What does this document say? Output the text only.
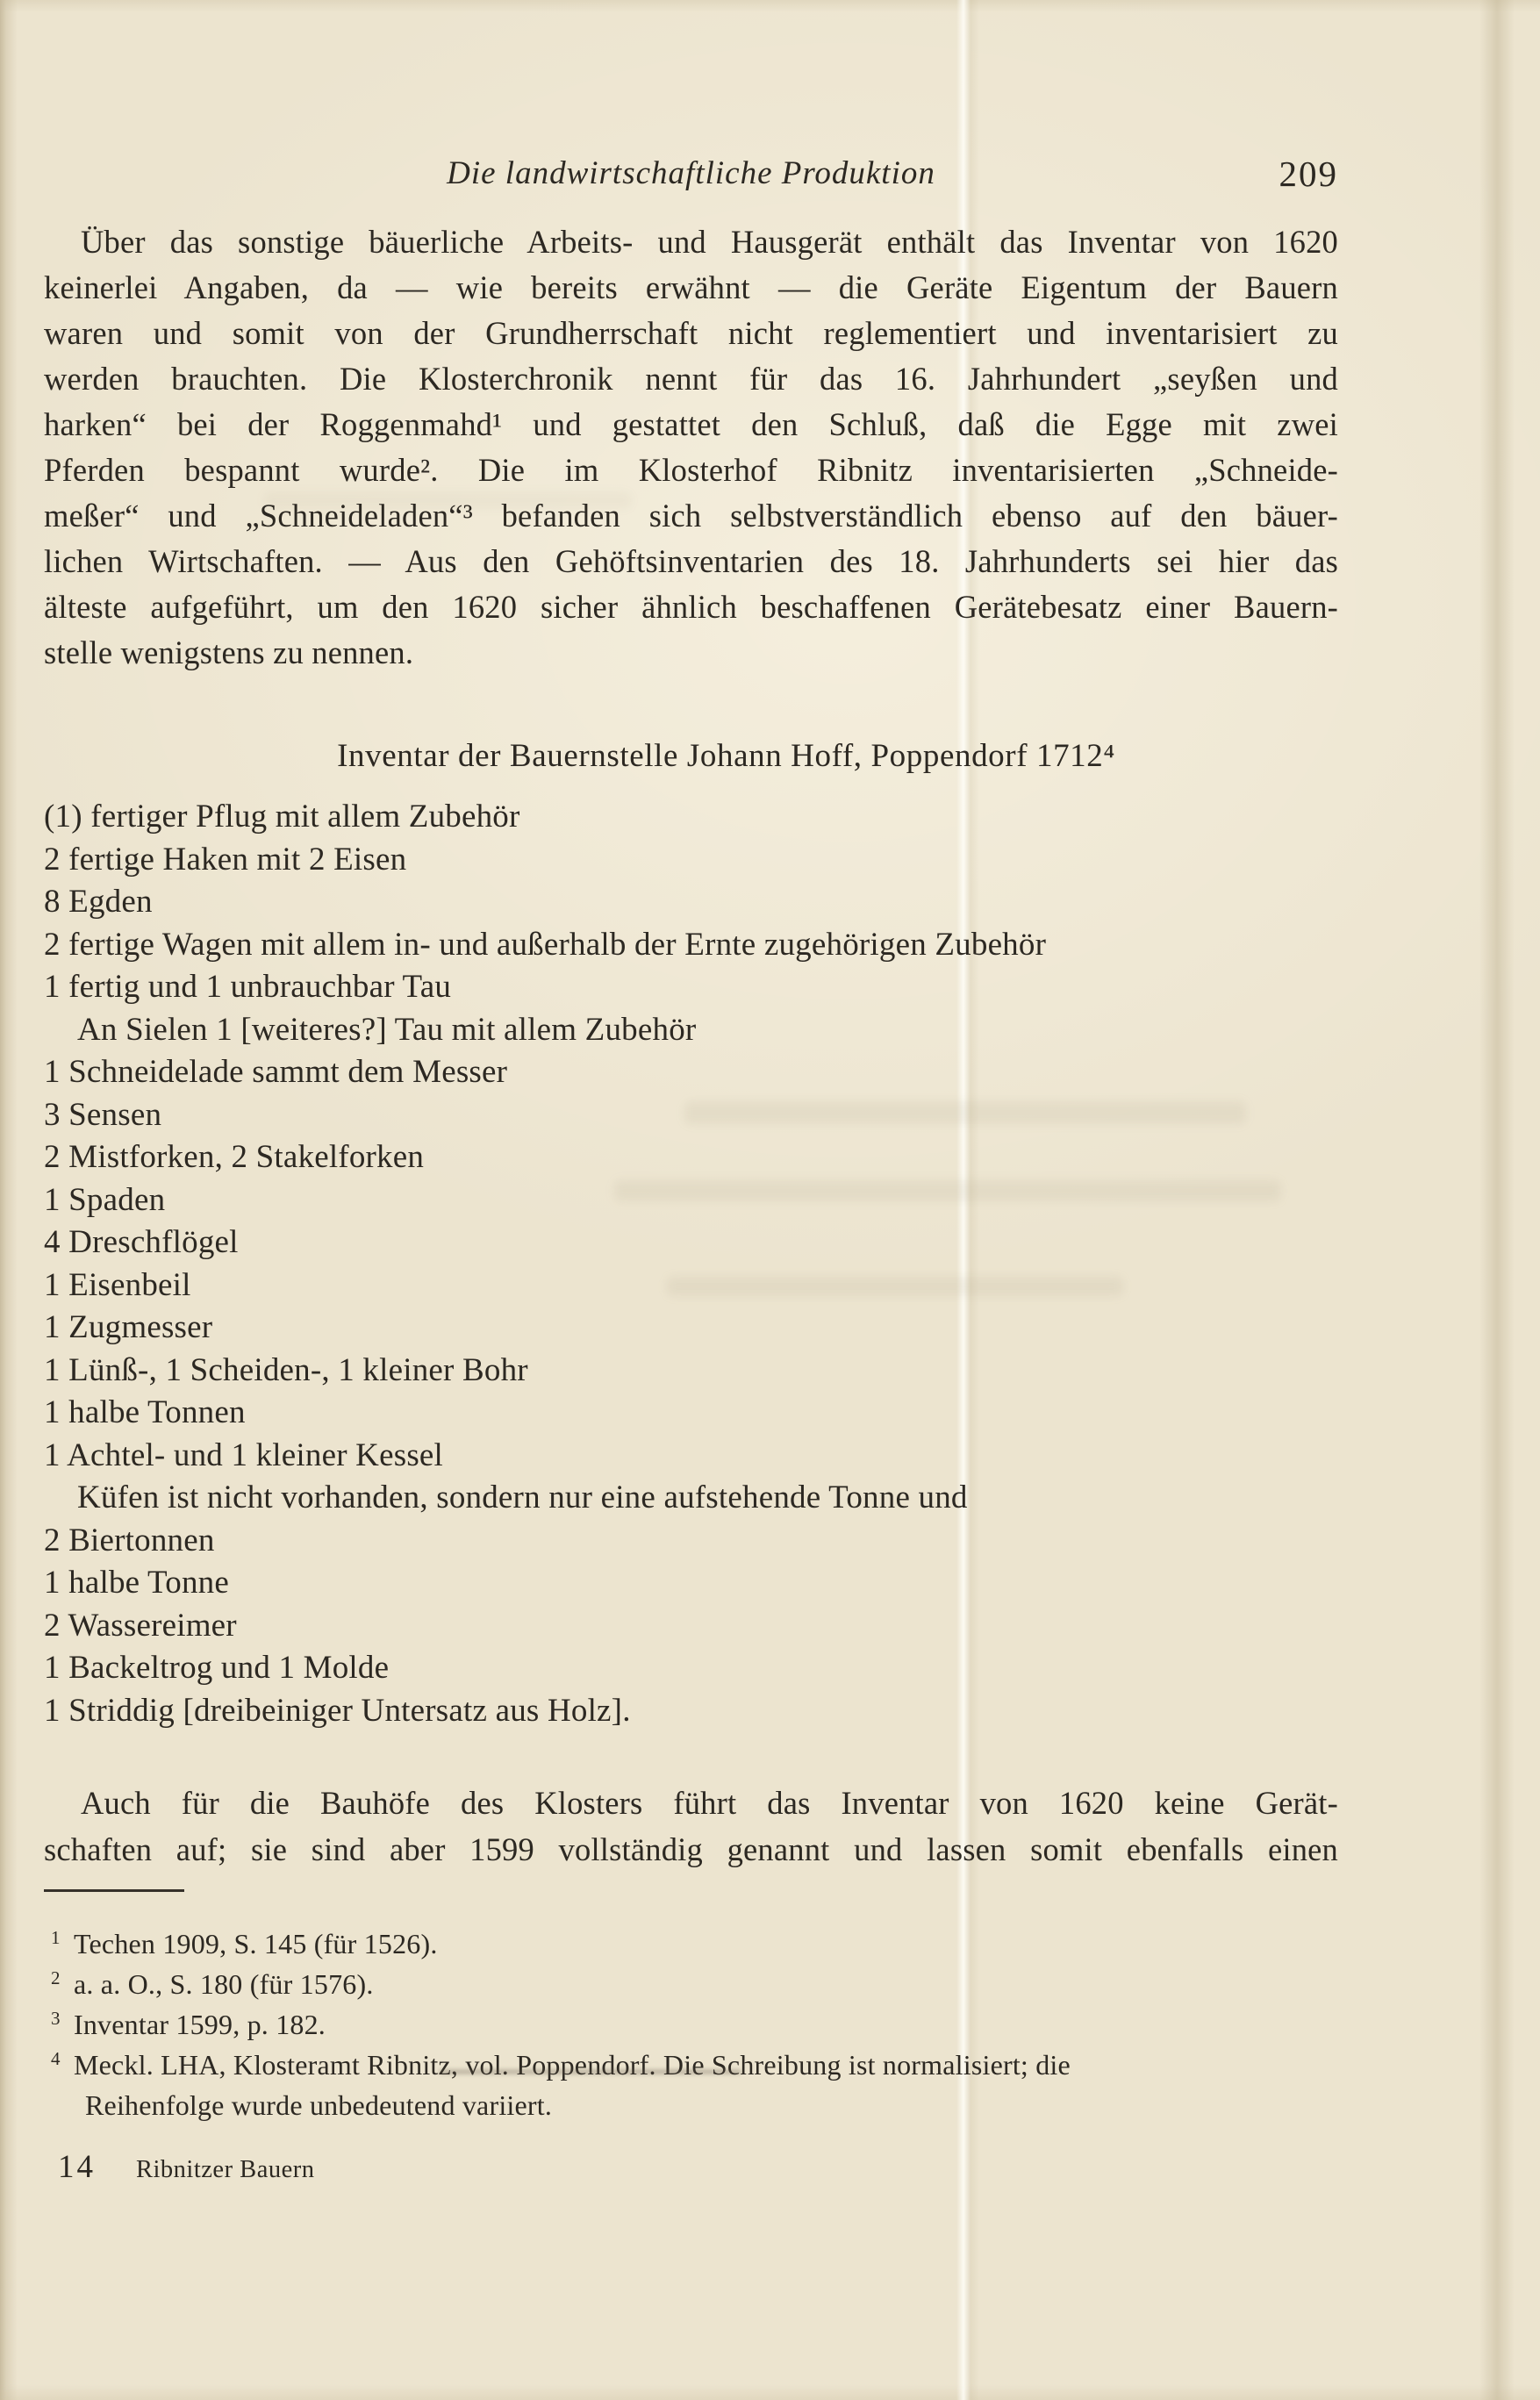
Die landwirtschaftliche Produktion	209
Über das sonstige bäuerliche Arbeits- und Hausgerät enthält das Inventar von 1620
keinerlei Angaben, da — wie bereits erwähnt — die Geräte Eigentum der Bauern
waren und somit von der Grundherrschaft nicht reglementiert und inventarisiert zu
werden brauchten. Die Klosterchronik nennt für das 16. Jahrhundert „seyßen und
harken“ bei der Roggenmahd¹ und gestattet den Schluß, daß die Egge mit zwei
Pferden bespannt wurde². Die im Klosterhof Ribnitz inventarisierten „Schneide-
meßer“ und „Schneideladen“³ befanden sich selbstverständlich ebenso auf den bäuer-
lichen Wirtschaften. — Aus den Gehöftsinventarien des 18. Jahrhunderts sei hier das
älteste aufgeführt, um den 1620 sicher ähnlich beschaffenen Gerätebesatz einer Bauern-
stelle wenigstens zu nennen.
Inventar der Bauernstelle Johann Hoff, Poppendorf 1712⁴
(1) fertiger Pflug mit allem Zubehör
2 fertige Haken mit 2 Eisen
8 Egden
2 fertige Wagen mit allem in- und außerhalb der Ernte zugehörigen Zubehör
1 fertig und 1 unbrauchbar Tau
An Sielen 1 [weiteres?] Tau mit allem Zubehör
1 Schneidelade sammt dem Messer
3 Sensen
2 Mistforken, 2 Stakelforken
1 Spaden
4 Dreschflögel
1 Eisenbeil
1 Zugmesser
1 Lünß-, 1 Scheiden-, 1 kleiner Bohr
1 halbe Tonnen
1 Achtel- und 1 kleiner Kessel
Küfen ist nicht vorhanden, sondern nur eine aufstehende Tonne und
2 Biertonnen
1 halbe Tonne
2 Wassereimer
1 Backeltrog und 1 Molde
1 Striddig [dreibeiniger Untersatz aus Holz].
Auch für die Bauhöfe des Klosters führt das Inventar von 1620 keine Gerät-
schaften auf; sie sind aber 1599 vollständig genannt und lassen somit ebenfalls einen
1 Techen 1909, S. 145 (für 1526).
2 a. a. O., S. 180 (für 1576).
3 Inventar 1599, p. 182.
4 Meckl. LHA, Klosteramt Ribnitz, vol. Poppendorf. Die Schreibung ist normalisiert; die
Reihenfolge wurde unbedeutend variiert.
14 Ribnitzer Bauern
